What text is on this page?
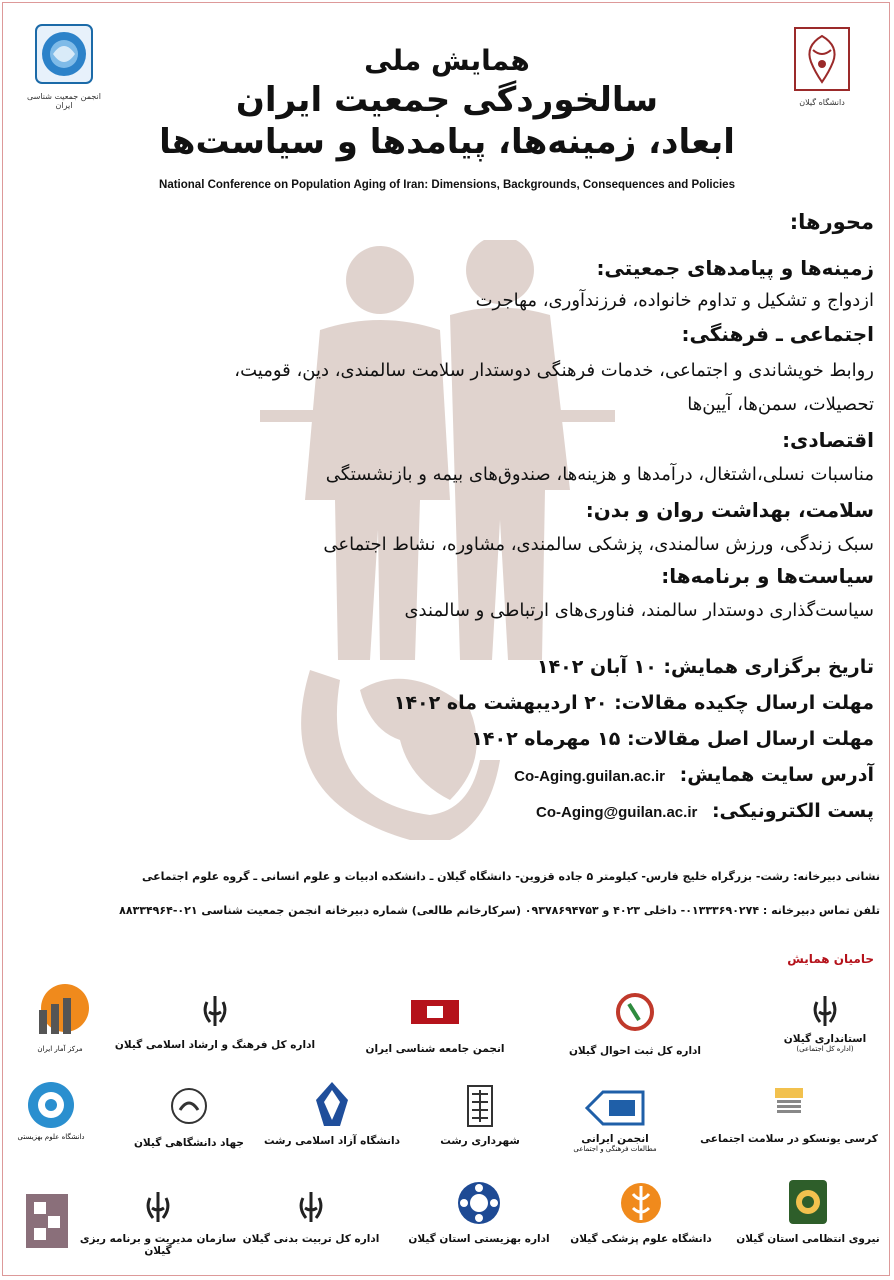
انجمن جمعیت شناسی ایران	دانشگاه گیلان
همایش ملی
سالخوردگی جمعیت ایران
ابعاد، زمینه‌ها، پیامدها و سیاست‌ها
National Conference on Population Aging of Iran: Dimensions, Backgrounds, Consequences and Policies
محورها:
زمینه‌ها و پیامدهای جمعیتی:
ازدواج و تشکیل و تداوم خانواده، فرزندآوری، مهاجرت
اجتماعی ـ فرهنگی:
روابط خویشاندی و اجتماعی، خدمات فرهنگی دوستدار سلامت سالمندی، دین، قومیت،
تحصیلات، سمن‌ها، آیین‌ها
اقتصادی:
مناسبات نسلی،اشتغال، درآمدها و هزینه‌ها، صندوق‌های بیمه و بازنشستگی
سلامت، بهداشت روان و بدن:
سبک زندگی، ورزش سالمندی، پزشکی سالمندی، مشاوره، نشاط اجتماعی
سیاست‌ها و برنامه‌ها:
سیاست‌گذاری دوستدار سالمند، فناوری‌های ارتباطی و سالمندی
تاریخ برگزاری همایش: ۱۰ آبان ۱۴۰۲
مهلت ارسال چکیده مقالات: ۲۰ اردیبهشت ماه ۱۴۰۲
مهلت ارسال اصل مقالات: ۱۵ مهرماه ۱۴۰۲
آدرس سایت همایش: Co-Aging.guilan.ac.ir
پست الکترونیکی: Co-Aging@guilan.ac.ir
نشانی دبیرخانه: رشت- بزرگراه خلیج فارس- کیلومتر ۵ جاده قزوین- دانشگاه گیلان ـ دانشکده ادبیات و علوم انسانی ـ گروه علوم اجتماعی
تلفن تماس دبیرخانه : ۰۱۳۳۳۶۹۰۲۷۴- داخلی ۴۰۲۳ و ۰۹۳۷۸۶۹۴۷۵۳ (سرکارخانم طالعی) شماره دبیرخانه انجمن جمعیت شناسی ۰۲۱-۸۸۳۳۴۹۶۴
حامیان همایش
استانداری گیلان
(اداره کل اجتماعی)
اداره کل ثبت احوال گیلان
انجمن جامعه شناسی ایران
اداره کل فرهنگ و ارشاد اسلامی گیلان
مرکز آمار ایران
کرسی یونسکو در سلامت اجتماعی
انجمن ایرانی
مطالعات فرهنگی و اجتماعی
شهرداری رشت
دانشگاه آزاد اسلامی رشت
جهاد دانشگاهی گیلان
دانشگاه علوم بهزیستی
نیروی انتظامی استان گیلان
دانشگاه علوم پزشکی گیلان
اداره بهزیستی استان گیلان
اداره کل تربیت بدنی گیلان
سازمان مدیریت و برنامه ریزی گیلان
